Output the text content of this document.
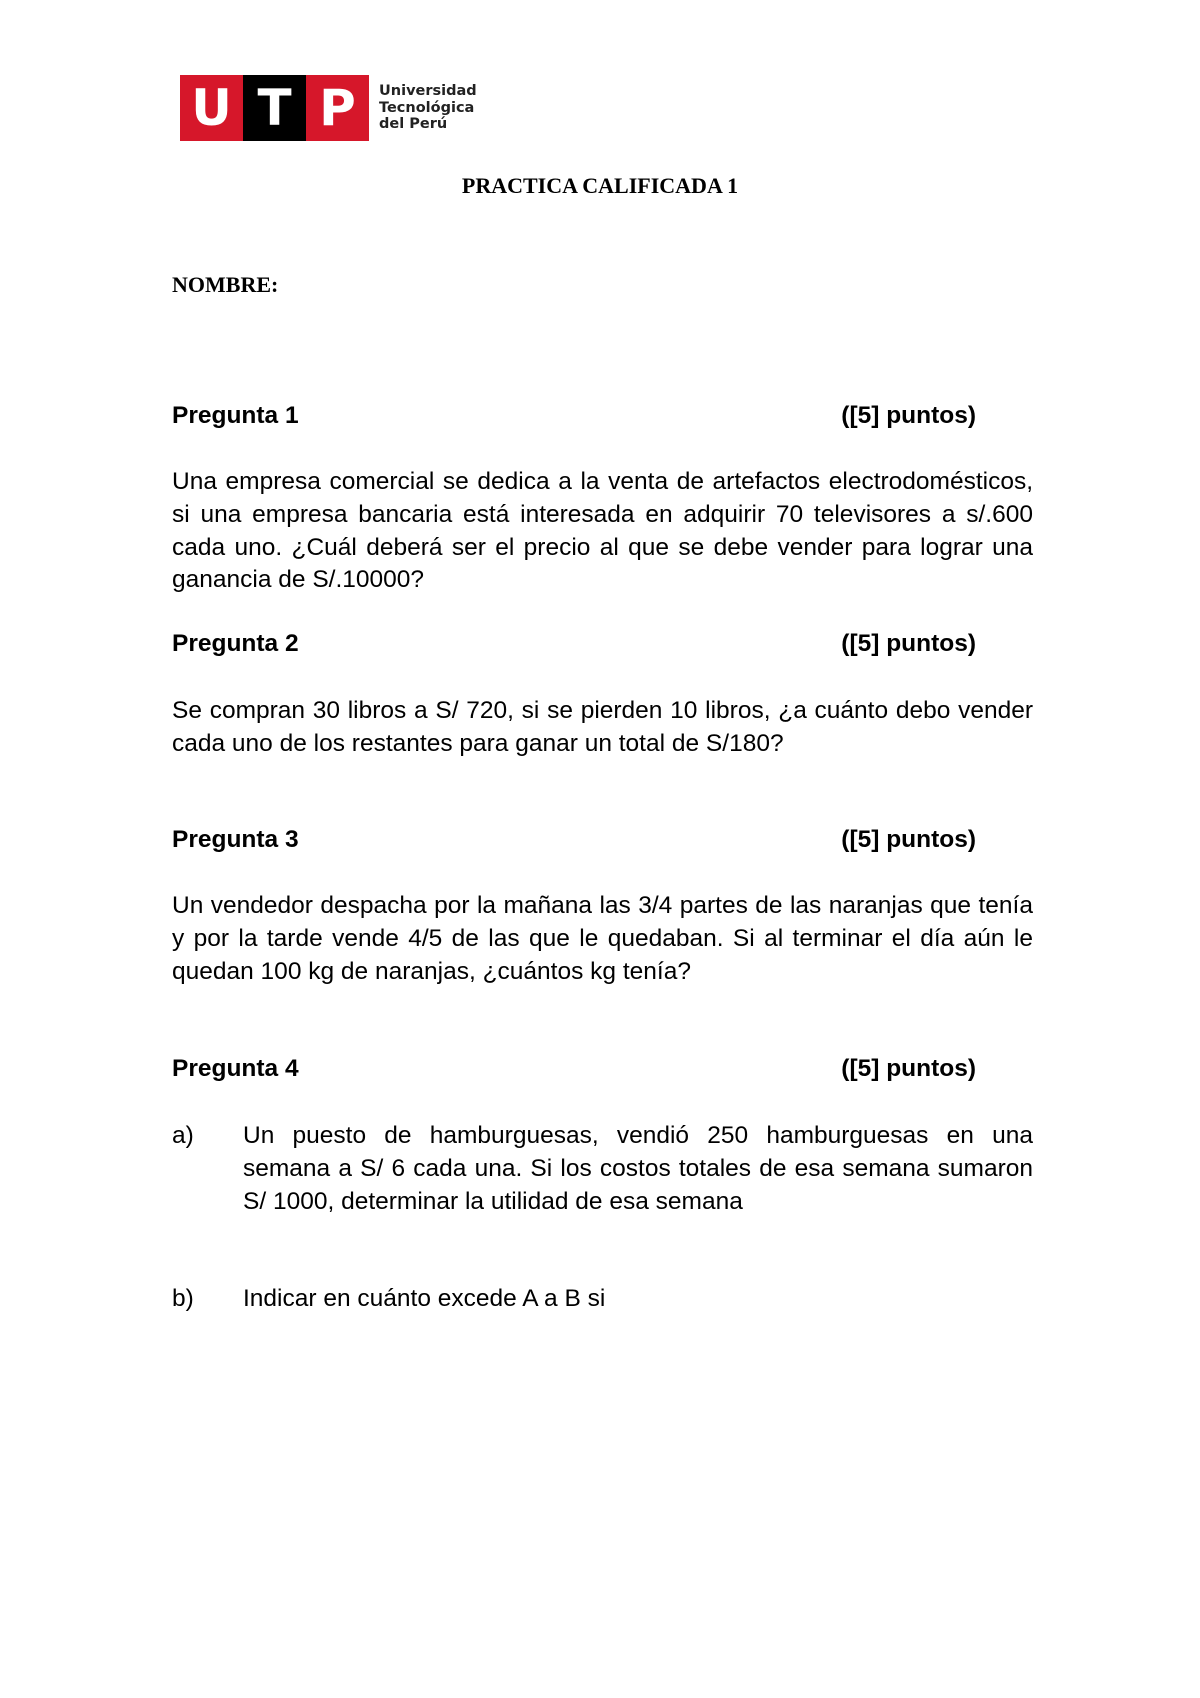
U T P	Universidad
Tecnológica
del Perú
PRACTICA CALIFICADA 1
NOMBRE:
Pregunta 1	([5] puntos)
Una empresa comercial se dedica a la venta de artefactos electrodomésticos, si una empresa bancaria está interesada en adquirir 70 televisores a s/.600 cada uno. ¿Cuál deberá ser el precio al que se debe vender para lograr una ganancia de S/.10000?
Pregunta 2	([5] puntos)
Se compran 30 libros a S/ 720, si se pierden 10 libros, ¿a cuánto debo vender cada uno de los restantes para ganar un total de S/180?
Pregunta 3	([5] puntos)
Un vendedor despacha por la mañana las 3/4 partes de las naranjas que tenía y por la tarde vende 4/5 de las que le quedaban. Si al terminar el día aún le quedan 100 kg de naranjas, ¿cuántos kg tenía?
Pregunta 4	([5] puntos)
a)	Un puesto de hamburguesas, vendió 250 hamburguesas en una semana a S/ 6 cada una. Si los costos totales de esa semana sumaron S/ 1000, determinar la utilidad de esa semana
b)	Indicar en cuánto excede A a B si
